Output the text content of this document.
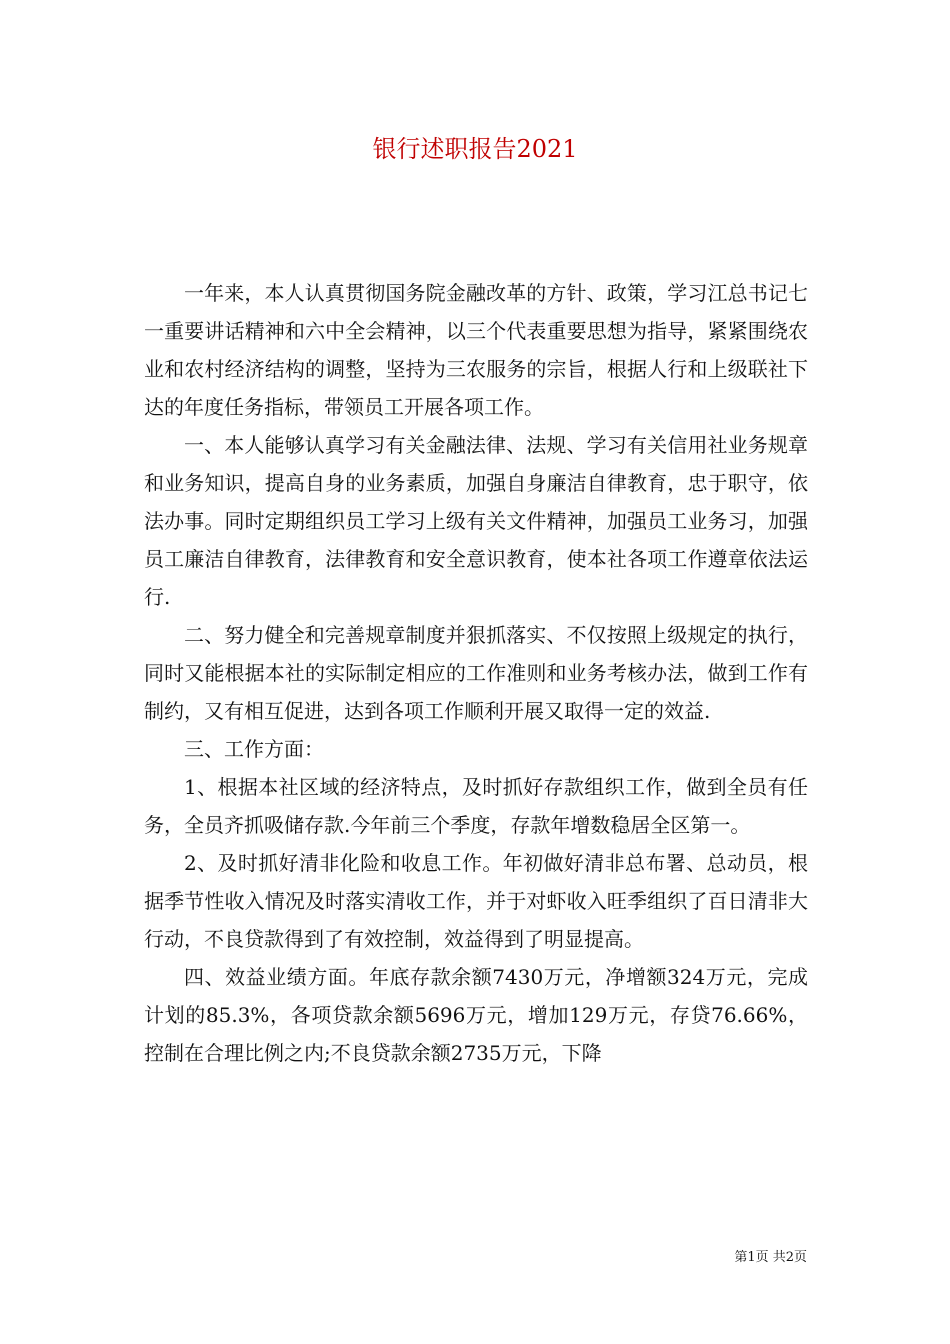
银行述职报告2021

一年来，本人认真贯彻国务院金融改革的方针、政策，学习江总书记七一重要讲话精神和六中全会精神，以三个代表重要思想为指导，紧紧围绕农业和农村经济结构的调整，坚持为三农服务的宗旨，根据人行和上级联社下达的年度任务指标，带领员工开展各项工作。

一、本人能够认真学习有关金融法律、法规、学习有关信用社业务规章和业务知识，提高自身的业务素质，加强自身廉洁自律教育，忠于职守，依法办事。同时定期组织员工学习上级有关文件精神，加强员工业务习，加强员工廉洁自律教育，法律教育和安全意识教育，使本社各项工作遵章依法运行.

二、努力健全和完善规章制度并狠抓落实、不仅按照上级规定的执行，同时又能根据本社的实际制定相应的工作准则和业务考核办法，做到工作有制约，又有相互促进，达到各项工作顺利开展又取得一定的效益.

三、工作方面：

1、根据本社区域的经济特点，及时抓好存款组织工作，做到全员有任务，全员齐抓吸储存款.今年前三个季度，存款年增数稳居全区第一。

2、及时抓好清非化险和收息工作。年初做好清非总布署、总动员，根据季节性收入情况及时落实清收工作，并于对虾收入旺季组织了百日清非大行动，不良贷款得到了有效控制，效益得到了明显提高。

四、效益业绩方面。年底存款余额7430万元，净增额324万元，完成计划的85.3%，各项贷款余额5696万元，增加129万元，存贷76.66%，控制在合理比例之内;不良贷款余额2735万元，下降

第1页 共2页
